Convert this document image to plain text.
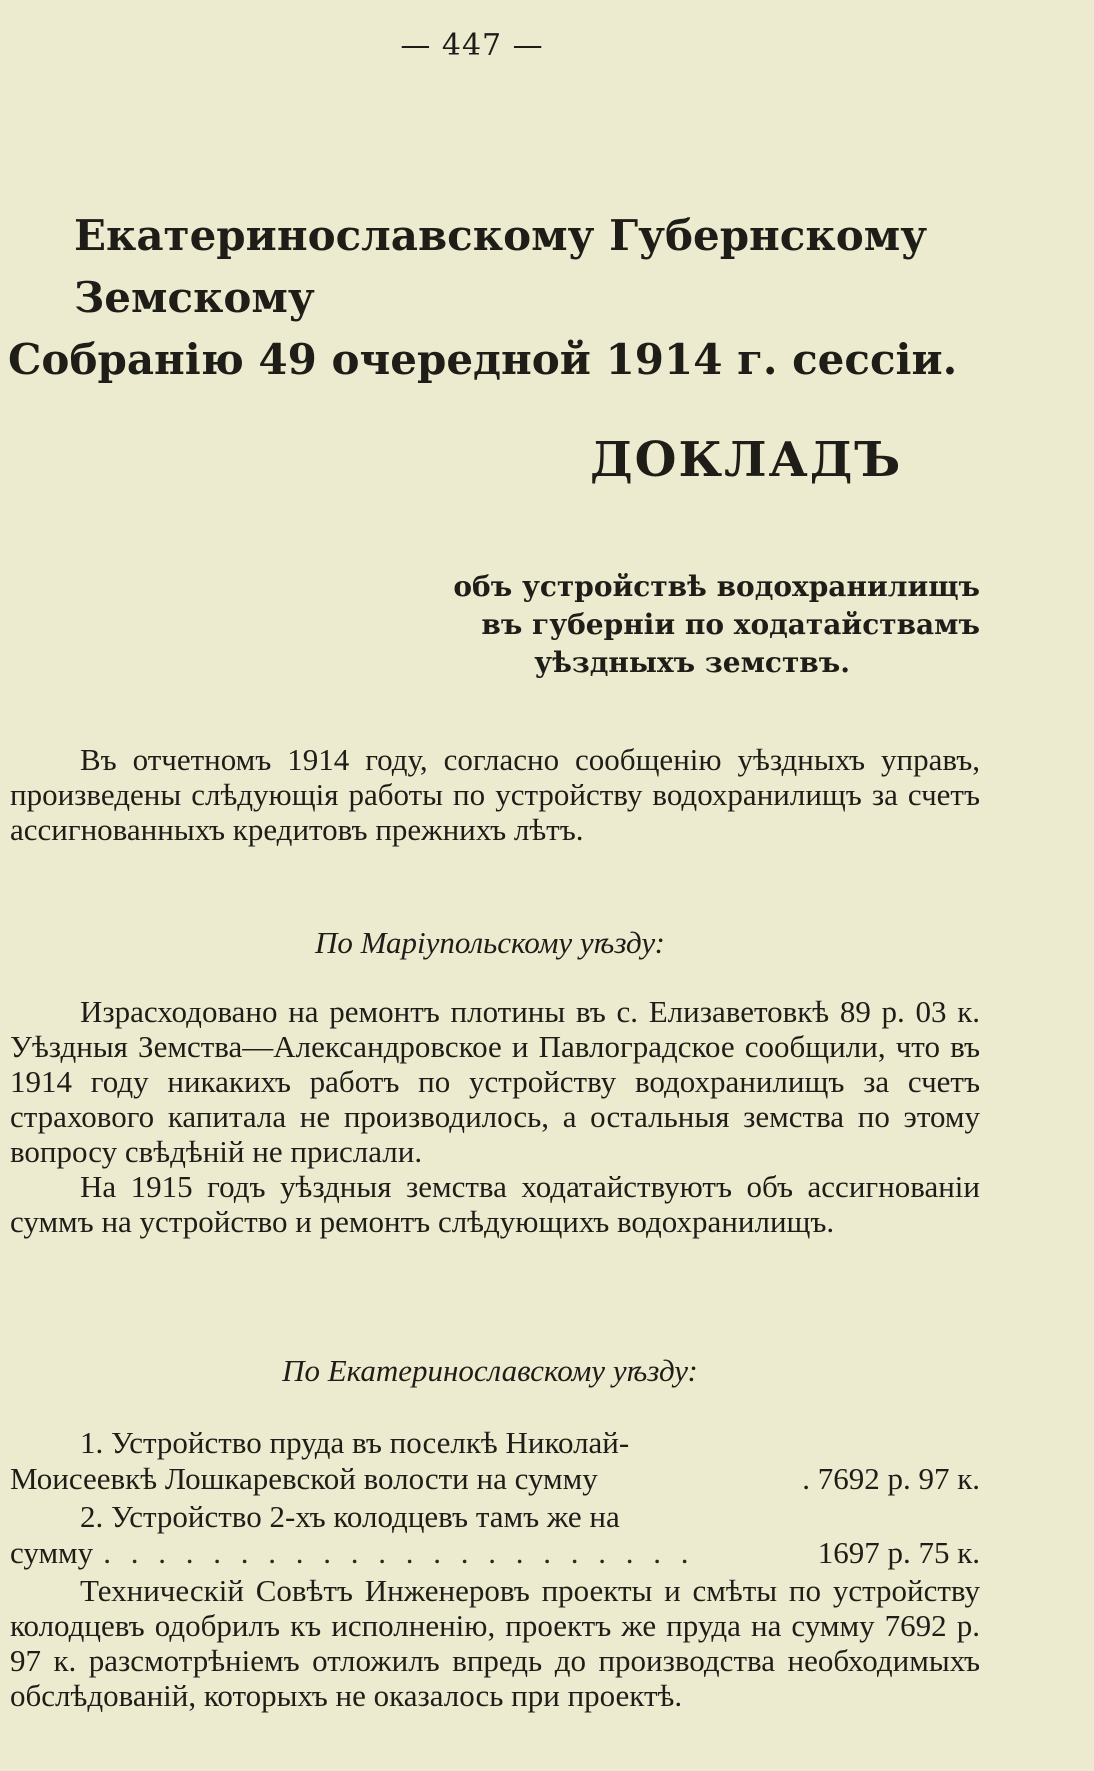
— 447 —
Екатеринославскому Губернскому Земскому
Собранію 49 очередной 1914 г. сессіи.
ДОКЛАДЪ
объ устройствѣ водохранилищъ
въ губерніи по ходатайствамъ
уѣздныхъ земствъ.

Въ отчетномъ 1914 году, согласно сообщенію уѣздныхъ управъ, произведены слѣдующія работы по устройству водохранилищъ за счетъ ассигнованныхъ кредитовъ прежнихъ лѣтъ.

По Маріупольскому уѣзду:

Израсходовано на ремонтъ плотины въ с. Елизаветовкѣ 89 р. 03 к. Уѣздныя Земства—Александровское и Павлоградское сообщили, что въ 1914 году никакихъ работъ по устройству водохранилищъ за счетъ страхового капитала не производилось, а остальныя земства по этому вопросу свѣдѣній не прислали.

На 1915 годъ уѣздныя земства ходатайствуютъ объ ассигнованіи суммъ на устройство и ремонтъ слѣдующихъ водохранилищъ.

По Екатеринославскому уѣзду:
1. Устройство пруда въ поселкѣ Николай-
Моисеевкѣ Лошкаревской волости на сумму	. 7692 р. 97 к.
2. Устройство 2-хъ колодцевъ тамъ же на
сумму . . . . . . . . . . . . . . . . . . . . . .	1697 р. 75 к.

Техническій Совѣтъ Инженеровъ проекты и смѣты по устройству колодцевъ одобрилъ къ исполненію, проектъ же пруда на сумму 7692 р. 97 к. разсмотрѣніемъ отложилъ впредь до производства необходимыхъ обслѣдованій, которыхъ не оказалось при проектѣ.
